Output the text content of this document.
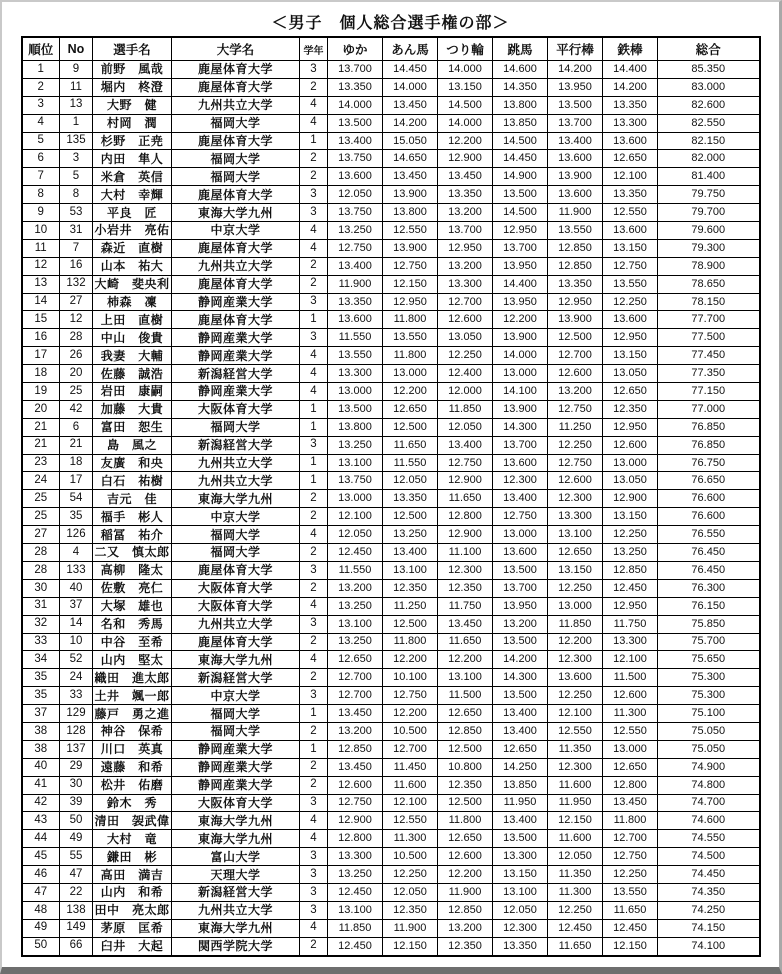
＜男子　個人総合選手権の部＞
順位	No	選手名	大学名	学年	ゆか	あん馬	つり輪	跳馬	平行棒	鉄棒	総合
1	9	前野　風哉	鹿屋体育大学	3	13.700	14.450	14.000	14.600	14.200	14.400	85.350
2	11	堀内　柊澄	鹿屋体育大学	2	13.350	14.000	13.150	14.350	13.950	14.200	83.000
3	13	大野　健	九州共立大学	4	14.000	13.450	14.500	13.800	13.500	13.350	82.600
4	1	村岡　潤	福岡大学	4	13.500	14.200	14.000	13.850	13.700	13.300	82.550
5	135	杉野　正尭	鹿屋体育大学	1	13.400	15.050	12.200	14.500	13.400	13.600	82.150
6	3	内田　隼人	福岡大学	2	13.750	14.650	12.900	14.450	13.600	12.650	82.000
7	5	米倉　英信	福岡大学	2	13.600	13.450	13.450	14.900	13.900	12.100	81.400
8	8	大村　幸輝	鹿屋体育大学	3	12.050	13.900	13.350	13.500	13.600	13.350	79.750
9	53	平良　匠	東海大学九州	3	13.750	13.800	13.200	14.500	11.900	12.550	79.700
10	31	小岩井　亮佑	中京大学	4	13.250	12.550	13.700	12.950	13.550	13.600	79.600
11	7	森近　直樹	鹿屋体育大学	4	12.750	13.900	12.950	13.700	12.850	13.150	79.300
12	16	山本　祐大	九州共立大学	2	13.400	12.750	13.200	13.950	12.850	12.750	78.900
13	132	大崎　斐央利	鹿屋体育大学	2	11.900	12.150	13.300	14.400	13.350	13.550	78.650
14	27	柿森　凜	静岡産業大学	3	13.350	12.950	12.700	13.950	12.950	12.250	78.150
15	12	上田　直樹	鹿屋体育大学	1	13.600	11.800	12.600	12.200	13.900	13.600	77.700
16	28	中山　俊貴	静岡産業大学	3	11.550	13.550	13.050	13.900	12.500	12.950	77.500
17	26	我妻　大輔	静岡産業大学	4	13.550	11.800	12.250	14.000	12.700	13.150	77.450
18	20	佐藤　誠浩	新潟経営大学	4	13.300	13.000	12.400	13.000	12.600	13.050	77.350
19	25	岩田　康嗣	静岡産業大学	4	13.000	12.200	12.000	14.100	13.200	12.650	77.150
20	42	加藤　大貴	大阪体育大学	1	13.500	12.650	11.850	13.900	12.750	12.350	77.000
21	6	富田　恕生	福岡大学	1	13.800	12.500	12.050	14.300	11.250	12.950	76.850
21	21	島　風之	新潟経営大学	3	13.250	11.650	13.400	13.700	12.250	12.600	76.850
23	18	友廣　和央	九州共立大学	1	13.100	11.550	12.750	13.600	12.750	13.000	76.750
24	17	白石　祐樹	九州共立大学	1	13.750	12.050	12.900	12.300	12.600	13.050	76.650
25	54	吉元　佳	東海大学九州	2	13.000	13.350	11.650	13.400	12.300	12.900	76.600
25	35	福手　彬人	中京大学	2	12.100	12.500	12.800	12.750	13.300	13.150	76.600
27	126	稲冨　祐介	福岡大学	4	12.050	13.250	12.900	13.000	13.100	12.250	76.550
28	4	二又　慎太郎	福岡大学	2	12.450	13.400	11.100	13.600	12.650	13.250	76.450
28	133	高柳　隆太	鹿屋体育大学	3	11.550	13.100	12.300	13.500	13.150	12.850	76.450
30	40	佐敷　亮仁	大阪体育大学	2	13.200	12.350	12.350	13.700	12.250	12.450	76.300
31	37	大塚　雄也	大阪体育大学	4	13.250	11.250	11.750	13.950	13.000	12.950	76.150
32	14	名和　秀馬	九州共立大学	3	13.100	12.500	13.450	13.200	11.850	11.750	75.850
33	10	中谷　至希	鹿屋体育大学	2	13.250	11.800	11.650	13.500	12.200	13.300	75.700
34	52	山内　堅太	東海大学九州	4	12.650	12.200	12.200	14.200	12.300	12.100	75.650
35	24	織田　進太郎	新潟経営大学	2	12.700	10.100	13.100	14.300	13.600	11.500	75.300
35	33	土井　颯一郎	中京大学	3	12.700	12.750	11.500	13.500	12.250	12.600	75.300
37	129	藤戸　勇之進	福岡大学	1	13.450	12.200	12.650	13.400	12.100	11.300	75.100
38	128	神谷　保希	福岡大学	2	13.200	10.500	12.850	13.400	12.550	12.550	75.050
38	137	川口　英真	静岡産業大学	1	12.850	12.700	12.500	12.650	11.350	13.000	75.050
40	29	遠藤　和希	静岡産業大学	2	13.450	11.450	10.800	14.250	12.300	12.650	74.900
41	30	松井　佑磨	静岡産業大学	2	12.600	11.600	12.350	13.850	11.600	12.800	74.800
42	39	鈴木　秀	大阪体育大学	3	12.750	12.100	12.500	11.950	11.950	13.450	74.700
43	50	清田　袈武偉	東海大学九州	4	12.900	12.550	11.800	13.400	12.150	11.800	74.600
44	49	大村　竜	東海大学九州	4	12.800	11.300	12.650	13.500	11.600	12.700	74.550
45	55	鎌田　彬	富山大学	3	13.300	10.500	12.600	13.300	12.050	12.750	74.500
46	47	高田　満吉	天理大学	3	13.250	12.250	12.200	13.150	11.350	12.250	74.450
47	22	山内　和希	新潟経営大学	3	12.450	12.050	11.900	13.100	11.300	13.550	74.350
48	138	田中　亮太郎	九州共立大学	3	13.100	12.350	12.850	12.050	12.250	11.650	74.250
49	149	茅原　匡希	東海大学九州	4	11.850	11.900	13.200	12.300	12.450	12.450	74.150
50	66	臼井　大起	関西学院大学	2	12.450	12.150	12.350	13.350	11.650	12.150	74.100
